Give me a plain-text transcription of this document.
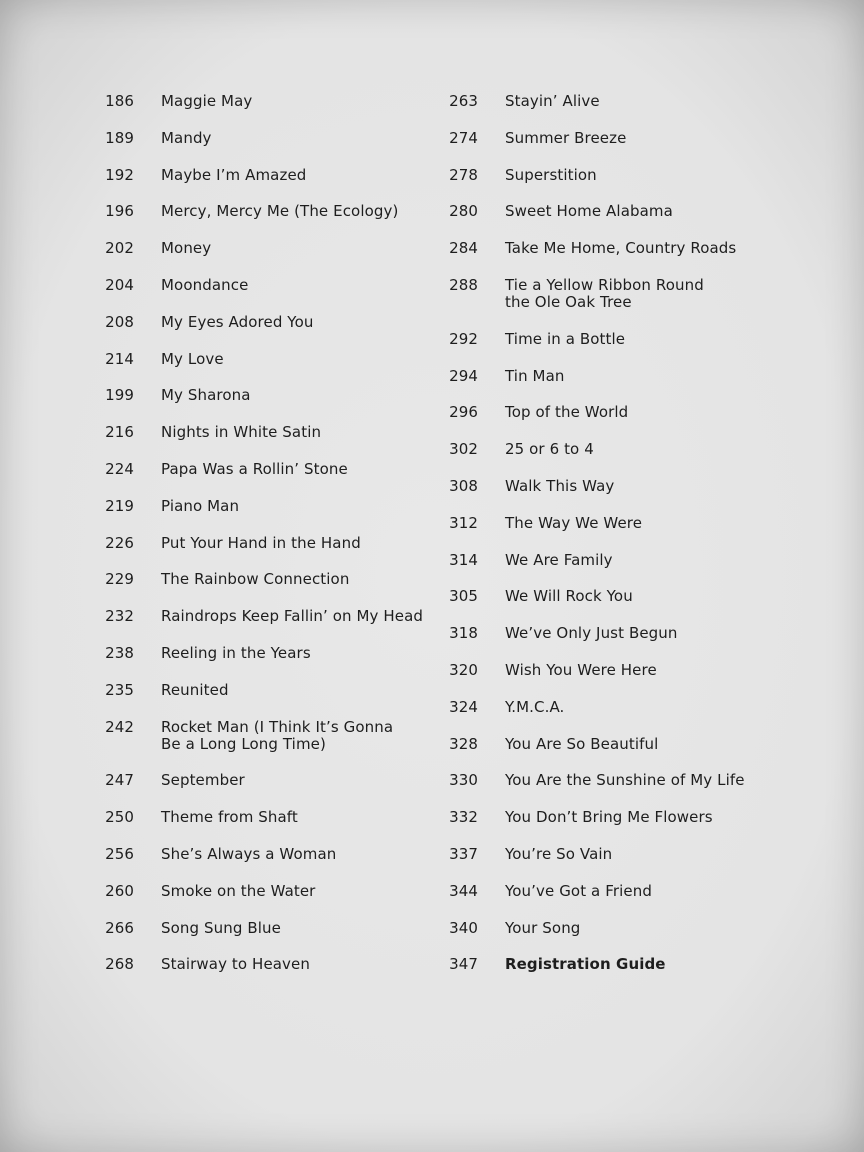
186 Maggie May
189 Mandy
192 Maybe I’m Amazed
196 Mercy, Mercy Me (The Ecology)
202 Money
204 Moondance
208 My Eyes Adored You
214 My Love
199 My Sharona
216 Nights in White Satin
224 Papa Was a Rollin’ Stone
219 Piano Man
226 Put Your Hand in the Hand
229 The Rainbow Connection
232 Raindrops Keep Fallin’ on My Head
238 Reeling in the Years
235 Reunited
242 Rocket Man (I Think It’s Gonna
Be a Long Long Time)
247 September
250 Theme from Shaft
256 She’s Always a Woman
260 Smoke on the Water
266 Song Sung Blue
268 Stairway to Heaven
263 Stayin’ Alive
274 Summer Breeze
278 Superstition
280 Sweet Home Alabama
284 Take Me Home, Country Roads
288 Tie a Yellow Ribbon Round
the Ole Oak Tree
292 Time in a Bottle
294 Tin Man
296 Top of the World
302 25 or 6 to 4
308 Walk This Way
312 The Way We Were
314 We Are Family
305 We Will Rock You
318 We’ve Only Just Begun
320 Wish You Were Here
324 Y.M.C.A.
328 You Are So Beautiful
330 You Are the Sunshine of My Life
332 You Don’t Bring Me Flowers
337 You’re So Vain
344 You’ve Got a Friend
340 Your Song
347 Registration Guide
